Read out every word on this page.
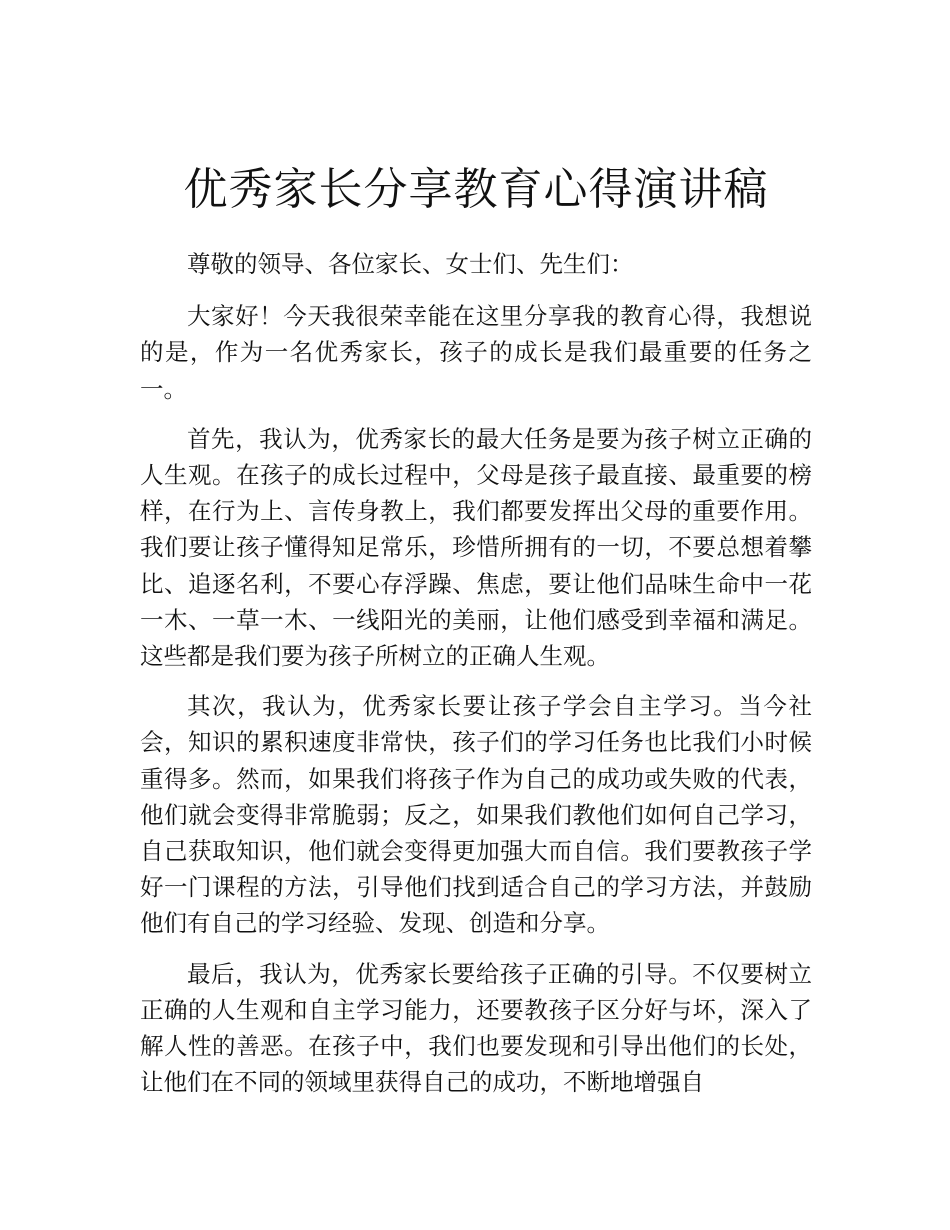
优秀家长分享教育心得演讲稿

尊敬的领导、各位家长、女士们、先生们：

大家好！今天我很荣幸能在这里分享我的教育心得，我想说的是，作为一名优秀家长，孩子的成长是我们最重要的任务之一。

首先，我认为，优秀家长的最大任务是要为孩子树立正确的人生观。在孩子的成长过程中，父母是孩子最直接、最重要的榜样，在行为上、言传身教上，我们都要发挥出父母的重要作用。我们要让孩子懂得知足常乐，珍惜所拥有的一切，不要总想着攀比、追逐名利，不要心存浮躁、焦虑，要让他们品味生命中一花一木、一草一木、一线阳光的美丽，让他们感受到幸福和满足。这些都是我们要为孩子所树立的正确人生观。

其次，我认为，优秀家长要让孩子学会自主学习。当今社会，知识的累积速度非常快，孩子们的学习任务也比我们小时候重得多。然而，如果我们将孩子作为自己的成功或失败的代表，他们就会变得非常脆弱；反之，如果我们教他们如何自己学习，自己获取知识，他们就会变得更加强大而自信。我们要教孩子学好一门课程的方法，引导他们找到适合自己的学习方法，并鼓励他们有自己的学习经验、发现、创造和分享。

最后，我认为，优秀家长要给孩子正确的引导。不仅要树立正确的人生观和自主学习能力，还要教孩子区分好与坏，深入了解人性的善恶。在孩子中，我们也要发现和引导出他们的长处，让他们在不同的领域里获得自己的成功，不断地增强自
